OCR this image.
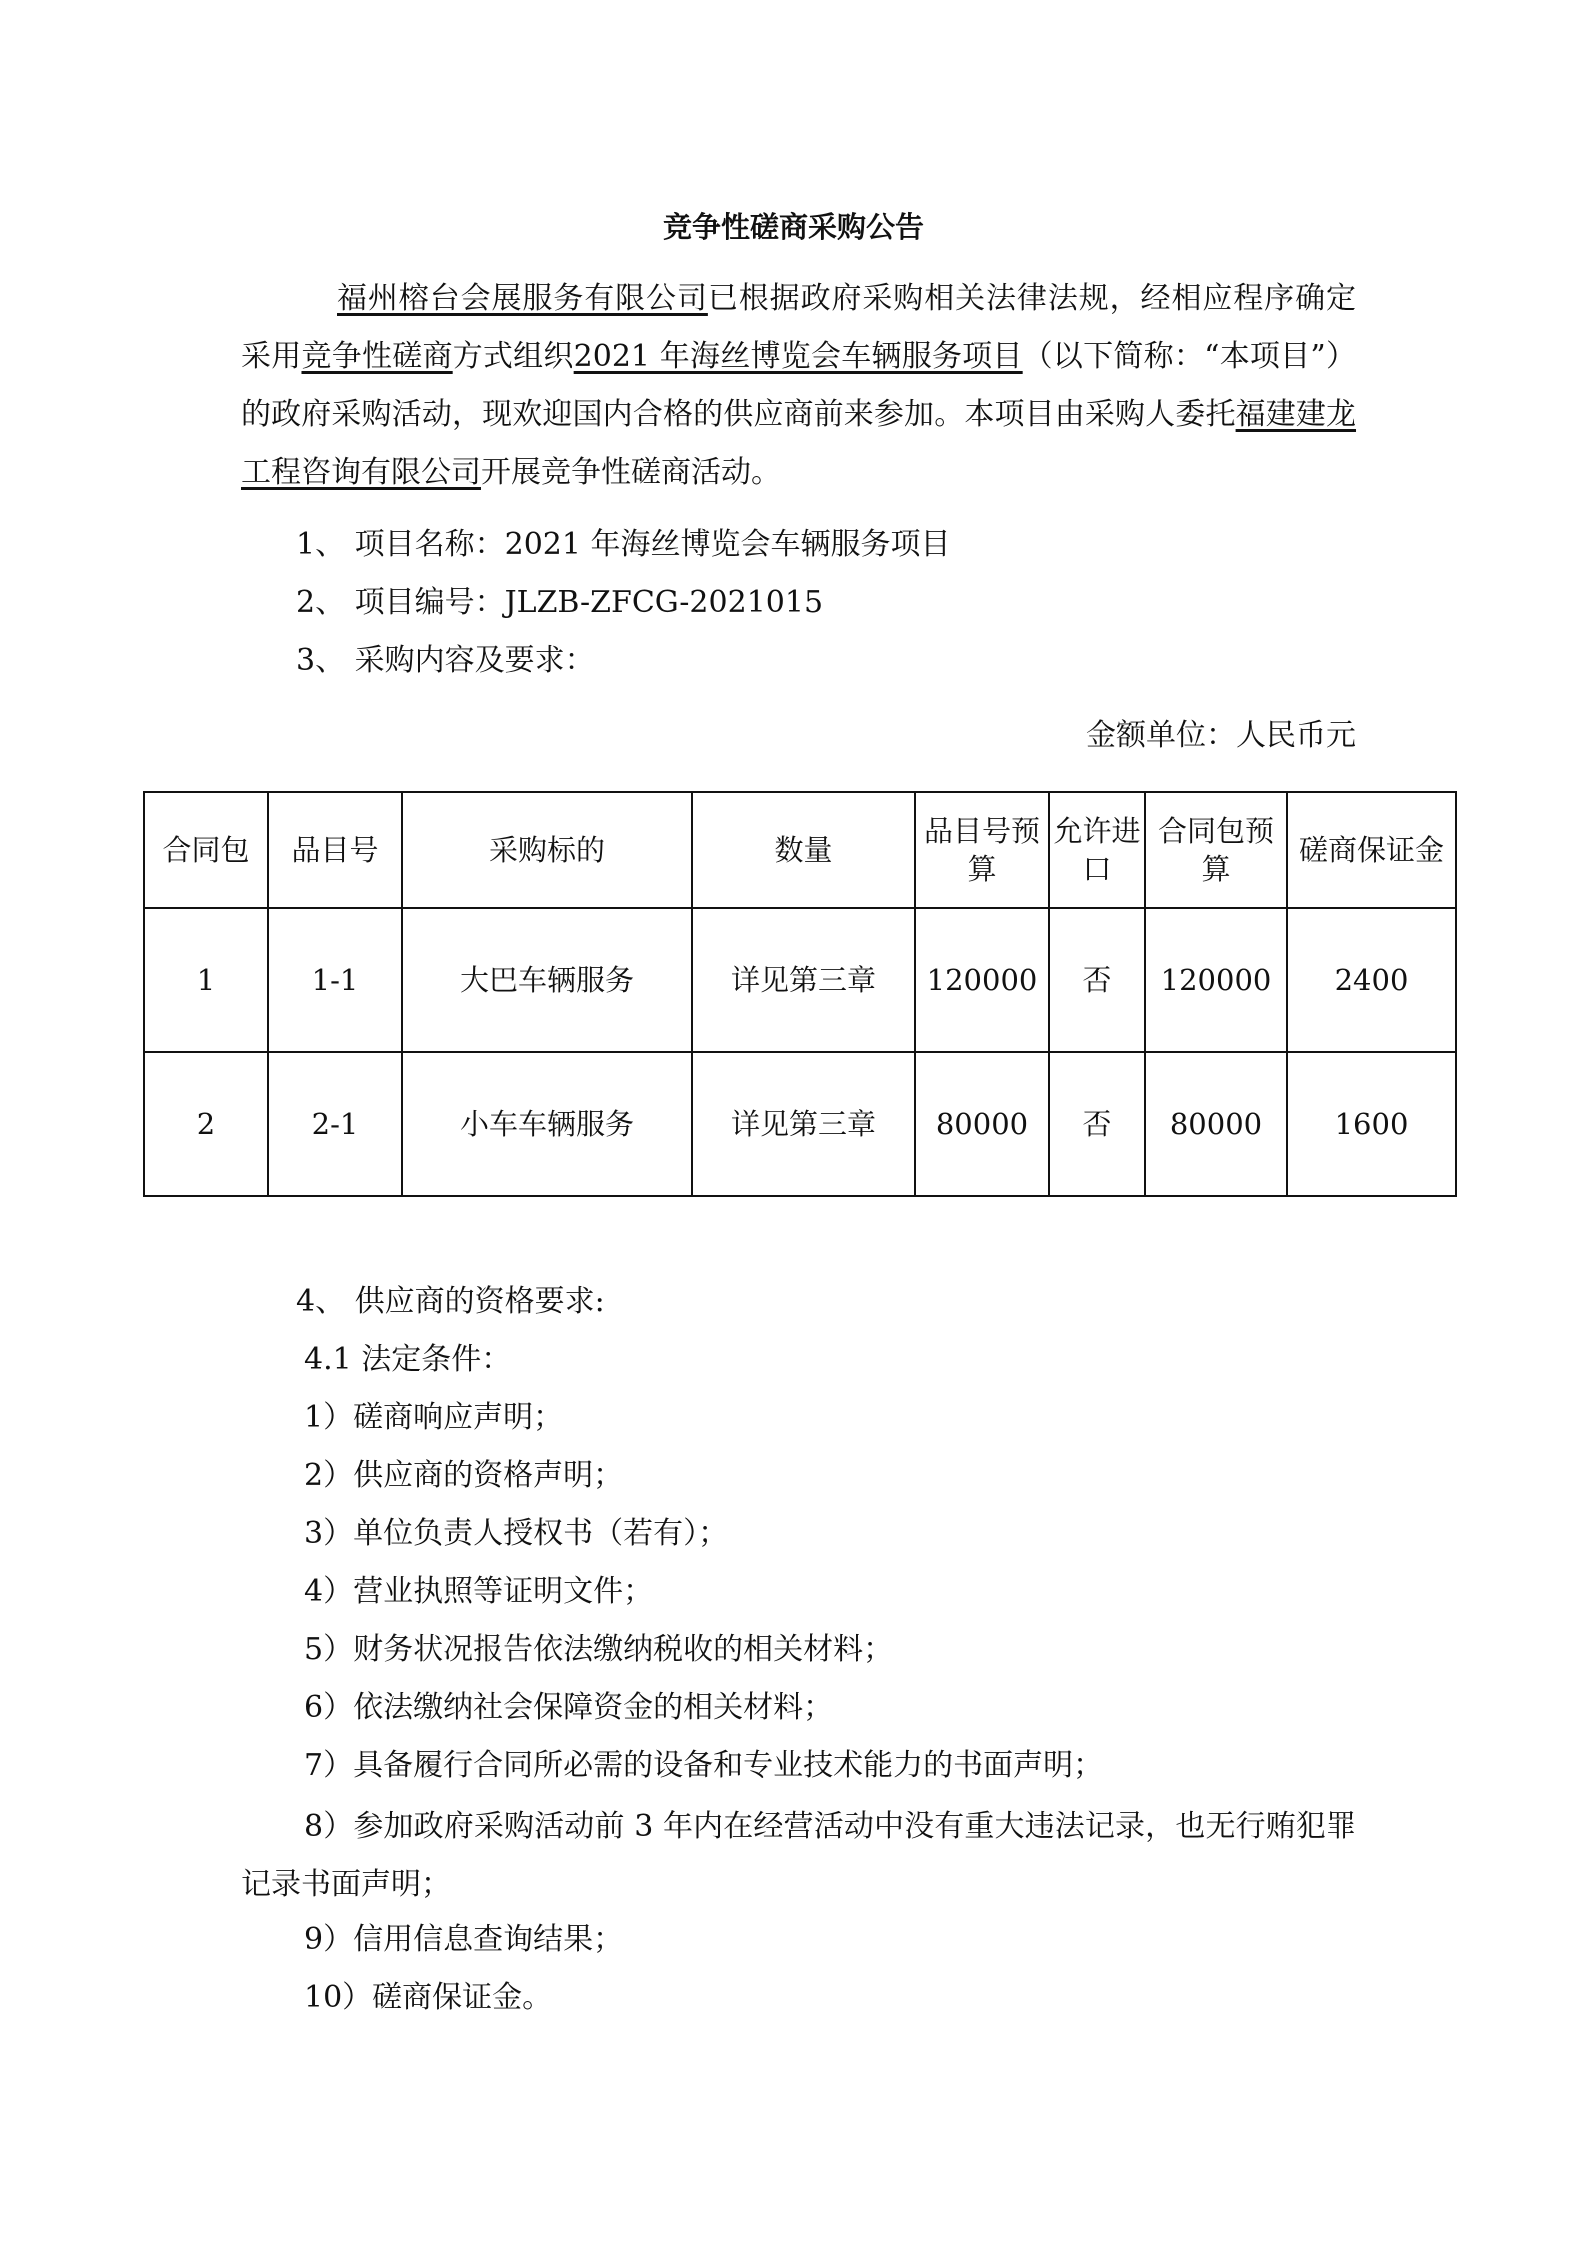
竞争性磋商采购公告

福州榕台会展服务有限公司已根据政府采购相关法律法规，经相应程序确定采用竞争性磋商方式组织2021 年海丝博览会车辆服务项目（以下简称：“本项目”）的政府采购活动，现欢迎国内合格的供应商前来参加。本项目由采购人委托福建建龙工程咨询有限公司开展竞争性磋商活动。

1、 项目名称：2021 年海丝博览会车辆服务项目

2、 项目编号：JLZB-ZFCG-2021015

3、 采购内容及要求：

金额单位：人民币元
合同包	品目号	采购标的	数量	品目号预算	允许进口	合同包预算	磋商保证金
1	1-1	大巴车辆服务	详见第三章	120000	否	120000	2400
2	2-1	小车车辆服务	详见第三章	80000	否	80000	1600

4、 供应商的资格要求:

4.1 法定条件：

1）磋商响应声明；

2）供应商的资格声明；

3）单位负责人授权书（若有）；

4）营业执照等证明文件；

5）财务状况报告依法缴纳税收的相关材料；

6）依法缴纳社会保障资金的相关材料；

7）具备履行合同所必需的设备和专业技术能力的书面声明；

8）参加政府采购活动前 3 年内在经营活动中没有重大违法记录，也无行贿犯罪记录书面声明；

9）信用信息查询结果；

10）磋商保证金。
